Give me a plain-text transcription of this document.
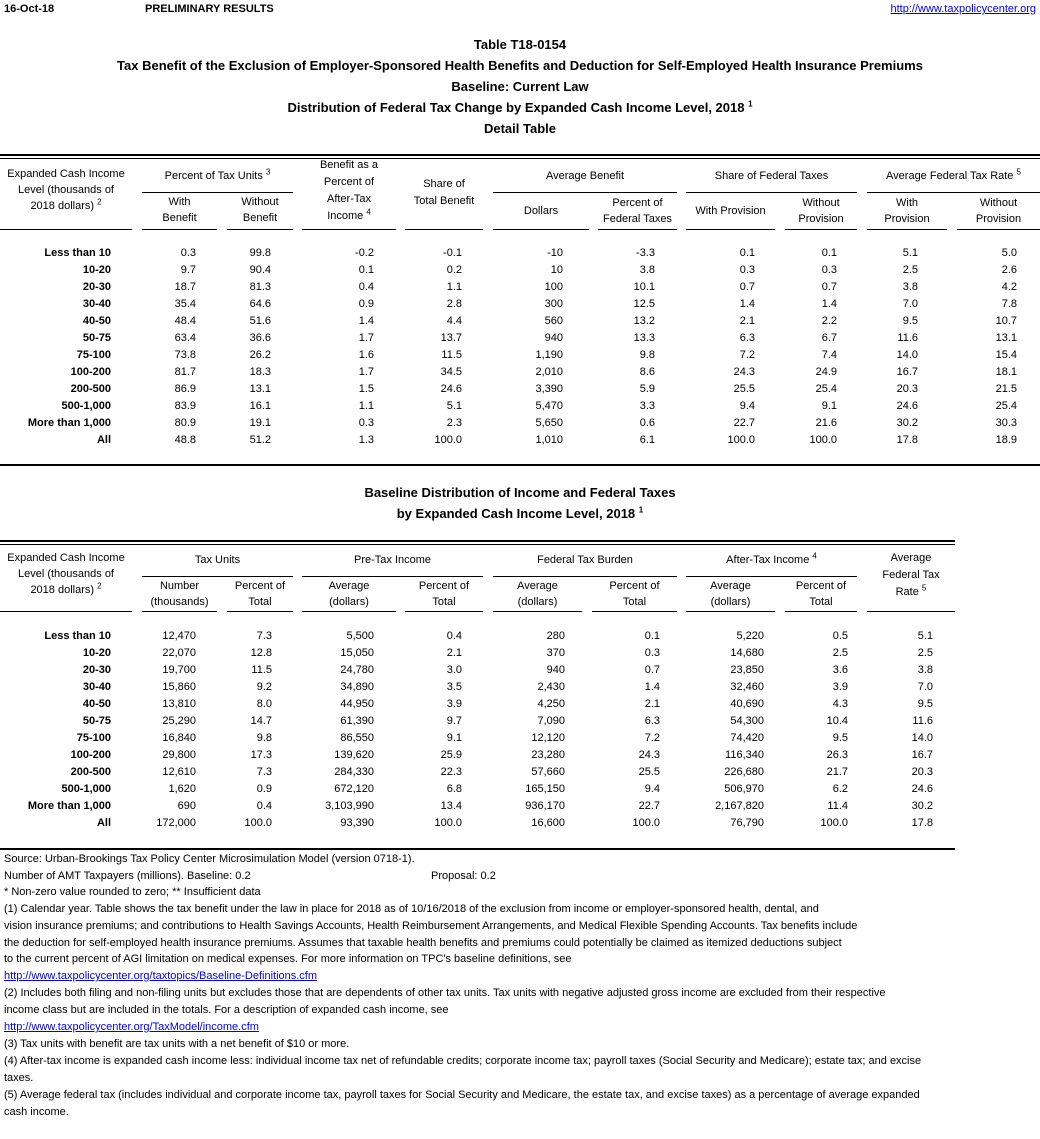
16-Oct-18	PRELIMINARY RESULTS	http://www.taxpolicycenter.org
Table T18-0154
Tax Benefit of the Exclusion of Employer-Sponsored Health Benefits and Deduction for Self-Employed Health Insurance Premiums
Baseline: Current Law
Distribution of Federal Tax Change by Expanded Cash Income Level, 2018 $^1$
Detail Table
Expanded Cash Income
Level (thousands of
2018 dollars) $^2$
Percent of Tax Units $^3$
With
Benefit
Without
Benefit
Benefit as a
Percent of
After-Tax
Income $^4$
Share of
Total Benefit
Average Benefit
Dollars
Percent of
Federal Taxes
Share of Federal Taxes
With Provision
Without
Provision
Average Federal Tax Rate $^5$
With
Provision
Without
Provision
Less than 10	0.3	99.8	-0.2	-0.1	-10	-3.3	0.1	0.1	5.1	5.0
10-20	9.7	90.4	0.1	0.2	10	3.8	0.3	0.3	2.5	2.6
20-30	18.7	81.3	0.4	1.1	100	10.1	0.7	0.7	3.8	4.2
30-40	35.4	64.6	0.9	2.8	300	12.5	1.4	1.4	7.0	7.8
40-50	48.4	51.6	1.4	4.4	560	13.2	2.1	2.2	9.5	10.7
50-75	63.4	36.6	1.7	13.7	940	13.3	6.3	6.7	11.6	13.1
75-100	73.8	26.2	1.6	11.5	1,190	9.8	7.2	7.4	14.0	15.4
100-200	81.7	18.3	1.7	34.5	2,010	8.6	24.3	24.9	16.7	18.1
200-500	86.9	13.1	1.5	24.6	3,390	5.9	25.5	25.4	20.3	21.5
500-1,000	83.9	16.1	1.1	5.1	5,470	3.3	9.4	9.1	24.6	25.4
More than 1,000	80.9	19.1	0.3	2.3	5,650	0.6	22.7	21.6	30.2	30.3
All	48.8	51.2	1.3	100.0	1,010	6.1	100.0	100.0	17.8	18.9
Baseline Distribution of Income and Federal Taxes
by Expanded Cash Income Level, 2018 $^1$
Expanded Cash Income
Level (thousands of
2018 dollars) $^2$
Tax Units
Number
(thousands)
Percent of
Total
Pre-Tax Income
Average
(dollars)
Percent of
Total
Federal Tax Burden
Average
(dollars)
Percent of
Total
After-Tax Income $^4$
Average
(dollars)
Percent of
Total
Average
Federal Tax
Rate $^5$
Less than 10	12,470	7.3	5,500	0.4	280	0.1	5,220	0.5	5.1
10-20	22,070	12.8	15,050	2.1	370	0.3	14,680	2.5	2.5
20-30	19,700	11.5	24,780	3.0	940	0.7	23,850	3.6	3.8
30-40	15,860	9.2	34,890	3.5	2,430	1.4	32,460	3.9	7.0
40-50	13,810	8.0	44,950	3.9	4,250	2.1	40,690	4.3	9.5
50-75	25,290	14.7	61,390	9.7	7,090	6.3	54,300	10.4	11.6
75-100	16,840	9.8	86,550	9.1	12,120	7.2	74,420	9.5	14.0
100-200	29,800	17.3	139,620	25.9	23,280	24.3	116,340	26.3	16.7
200-500	12,610	7.3	284,330	22.3	57,660	25.5	226,680	21.7	20.3
500-1,000	1,620	0.9	672,120	6.8	165,150	9.4	506,970	6.2	24.6
More than 1,000	690	0.4	3,103,990	13.4	936,170	22.7	2,167,820	11.4	30.2
All	172,000	100.0	93,390	100.0	16,600	100.0	76,790	100.0	17.8
Source: Urban-Brookings Tax Policy Center Microsimulation Model (version 0718-1).
Number of AMT Taxpayers (millions). Baseline: 0.2	Proposal: 0.2
* Non-zero value rounded to zero; ** Insufficient data
(1) Calendar year. Table shows the tax benefit under the law in place for 2018 as of 10/16/2018 of the exclusion from income or employer-sponsored health, dental, and
vision insurance premiums; and contributions to Health Savings Accounts, Health Reimbursement Arrangements, and Medical Flexible Spending Accounts. Tax benefits include
the deduction for self-employed health insurance premiums. Assumes that taxable health benefits and premiums could potentially be claimed as itemized deductions subject
to the current percent of AGI limitation on medical expenses. For more information on TPC's baseline definitions, see
http://www.taxpolicycenter.org/taxtopics/Baseline-Definitions.cfm
(2) Includes both filing and non-filing units but excludes those that are dependents of other tax units. Tax units with negative adjusted gross income are excluded from their respective
income class but are included in the totals. For a description of expanded cash income, see
http://www.taxpolicycenter.org/TaxModel/income.cfm
(3) Tax units with benefit are tax units with a net benefit of $10 or more.
(4) After-tax income is expanded cash income less: individual income tax net of refundable credits; corporate income tax; payroll taxes (Social Security and Medicare); estate tax; and excise
taxes.
(5) Average federal tax (includes individual and corporate income tax, payroll taxes for Social Security and Medicare, the estate tax, and excise taxes) as a percentage of average expanded
cash income.
